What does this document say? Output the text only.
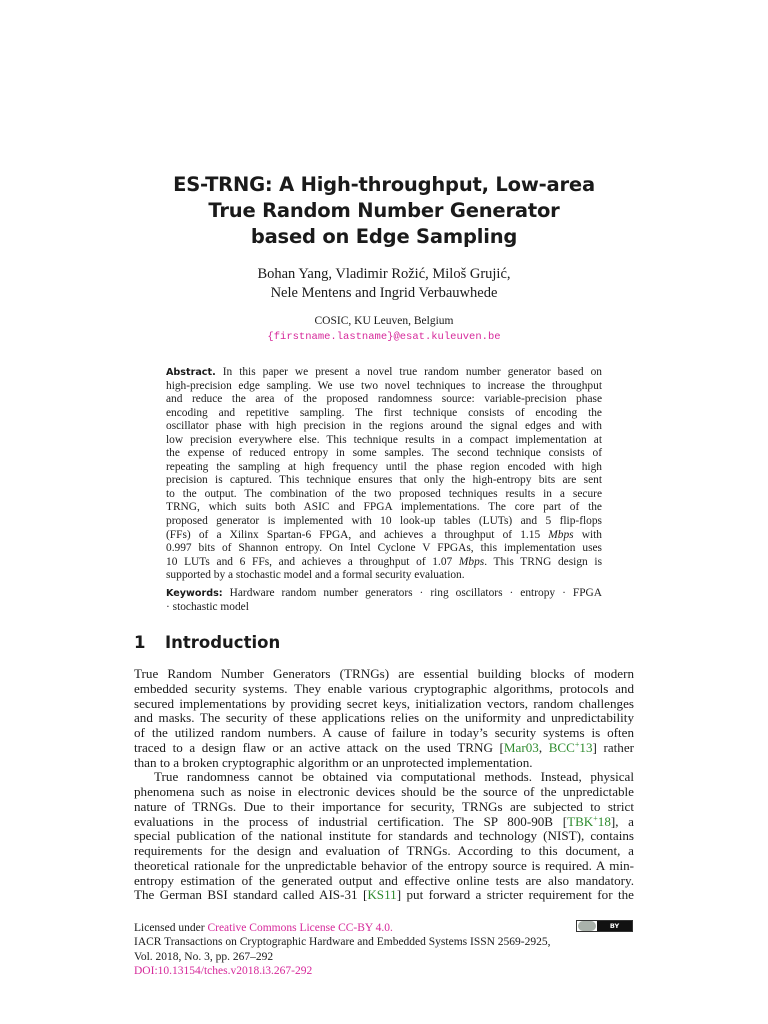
ES-TRNG: A High-throughput, Low-area
True Random Number Generator
based on Edge Sampling
Bohan Yang, Vladimir Rožić, Miloš Grujić,
Nele Mentens and Ingrid Verbauwhede
COSIC, KU Leuven, Belgium
{firstname.lastname}@esat.kuleuven.be
Abstract. In this paper we present a novel true random number generator based on
high-precision edge sampling. We use two novel techniques to increase the throughput
and reduce the area of the proposed randomness source: variable-precision phase
encoding and repetitive sampling. The first technique consists of encoding the
oscillator phase with high precision in the regions around the signal edges and with
low precision everywhere else. This technique results in a compact implementation at
the expense of reduced entropy in some samples. The second technique consists of
repeating the sampling at high frequency until the phase region encoded with high
precision is captured. This technique ensures that only the high-entropy bits are sent
to the output. The combination of the two proposed techniques results in a secure
TRNG, which suits both ASIC and FPGA implementations. The core part of the
proposed generator is implemented with 10 look-up tables (LUTs) and 5 flip-flops
(FFs) of a Xilinx Spartan-6 FPGA, and achieves a throughput of 1.15 Mbps with
0.997 bits of Shannon entropy. On Intel Cyclone V FPGAs, this implementation uses
10 LUTs and 6 FFs, and achieves a throughput of 1.07 Mbps. This TRNG design is
supported by a stochastic model and a formal security evaluation.
Keywords: Hardware random number generators · ring oscillators · entropy · FPGA
· stochastic model
1 Introduction
True Random Number Generators (TRNGs) are essential building blocks of modern
embedded security systems. They enable various cryptographic algorithms, protocols and
secured implementations by providing secret keys, initialization vectors, random challenges
and masks. The security of these applications relies on the uniformity and unpredictability
of the utilized random numbers. A cause of failure in today’s security systems is often
traced to a design flaw or an active attack on the used TRNG [Mar03, BCC+13] rather
than to a broken cryptographic algorithm or an unprotected implementation.
True randomness cannot be obtained via computational methods. Instead, physical
phenomena such as noise in electronic devices should be the source of the unpredictable
nature of TRNGs. Due to their importance for security, TRNGs are subjected to strict
evaluations in the process of industrial certification. The SP 800-90B [TBK+18], a
special publication of the national institute for standards and technology (NIST), contains
requirements for the design and evaluation of TRNGs. According to this document, a
theoretical rationale for the unpredictable behavior of the entropy source is required. A min-
entropy estimation of the generated output and effective online tests are also mandatory.
The German BSI standard called AIS-31 [KS11] put forward a stricter requirement for the
BY
Licensed under Creative Commons License CC-BY 4.0.
IACR Transactions on Cryptographic Hardware and Embedded Systems ISSN 2569-2925,
Vol. 2018, No. 3, pp. 267–292
DOI:10.13154/tches.v2018.i3.267-292
